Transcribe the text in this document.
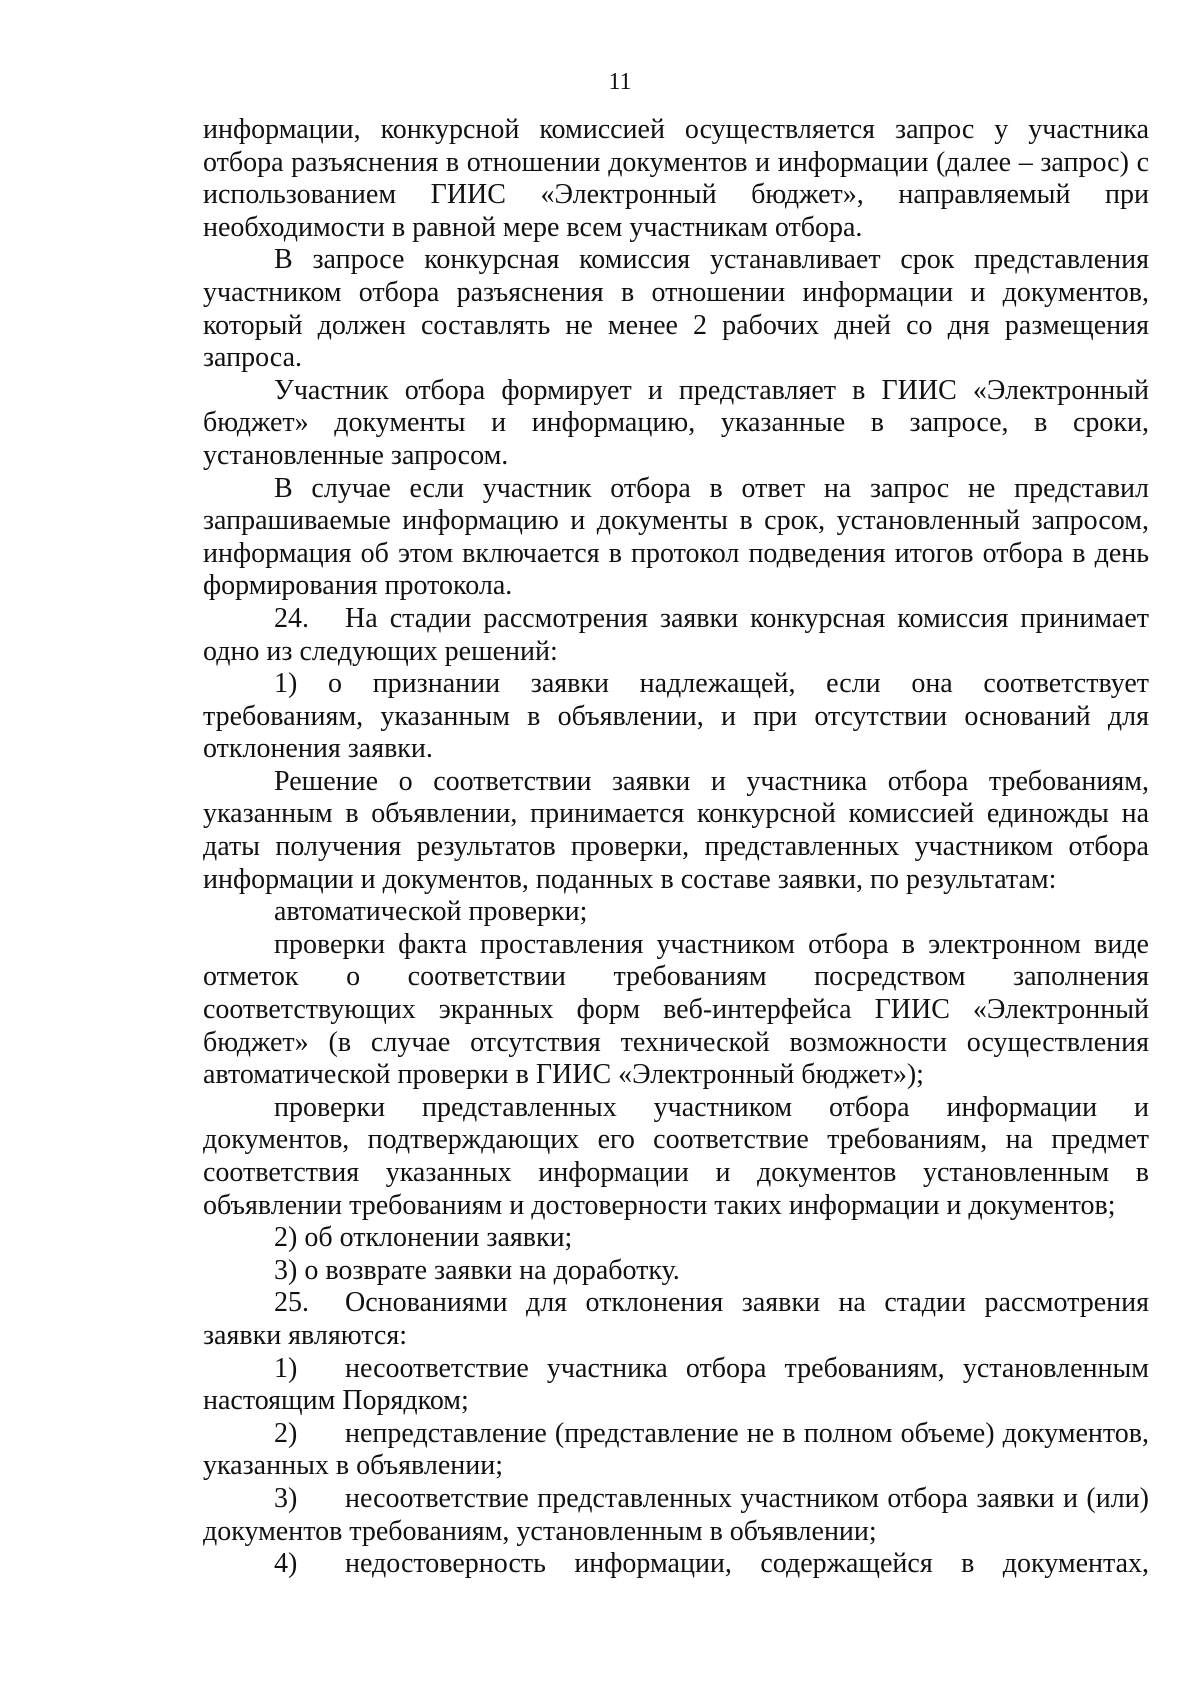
11

информации, конкурсной комиссией осуществляется запрос у участника отбора разъяснения в отношении документов и информации (далее – запрос) с использованием ГИИС «Электронный бюджет», направляемый при необходимости в равной мере всем участникам отбора.

В запросе конкурсная комиссия устанавливает срок представления участником отбора разъяснения в отношении информации и документов, который должен составлять не менее 2 рабочих дней со дня размещения запроса.

Участник отбора формирует и представляет в ГИИС «Электронный бюджет» документы и информацию, указанные в запросе, в сроки, установленные запросом.

В случае если участник отбора в ответ на запрос не представил запрашиваемые информацию и документы в срок, установленный запросом, информация об этом включается в протокол подведения итогов отбора в день формирования протокола.

24. На стадии рассмотрения заявки конкурсная комиссия принимает одно из следующих решений:

1) о признании заявки надлежащей, если она соответствует требованиям, указанным в объявлении, и при отсутствии оснований для отклонения заявки.

Решение о соответствии заявки и участника отбора требованиям, указанным в объявлении, принимается конкурсной комиссией единожды на даты получения результатов проверки, представленных участником отбора информации и документов, поданных в составе заявки, по результатам:

автоматической проверки;

проверки факта проставления участником отбора в электронном виде отметок о соответствии требованиям посредством заполнения соответствующих экранных форм веб-интерфейса ГИИС «Электронный бюджет» (в случае отсутствия технической возможности осуществления автоматической проверки в ГИИС «Электронный бюджет»);

проверки представленных участником отбора информации и документов, подтверждающих его соответствие требованиям, на предмет соответствия указанных информации и документов установленным в объявлении требованиям и достоверности таких информации и документов;

2) об отклонении заявки;

3) о возврате заявки на доработку.

25. Основаниями для отклонения заявки на стадии рассмотрения заявки являются:

1) несоответствие участника отбора требованиям, установленным настоящим Порядком;

2) непредставление (представление не в полном объеме) документов, указанных в объявлении;

3) несоответствие представленных участником отбора заявки и (или) документов требованиям, установленным в объявлении;

4) недостоверность информации, содержащейся в документах,
